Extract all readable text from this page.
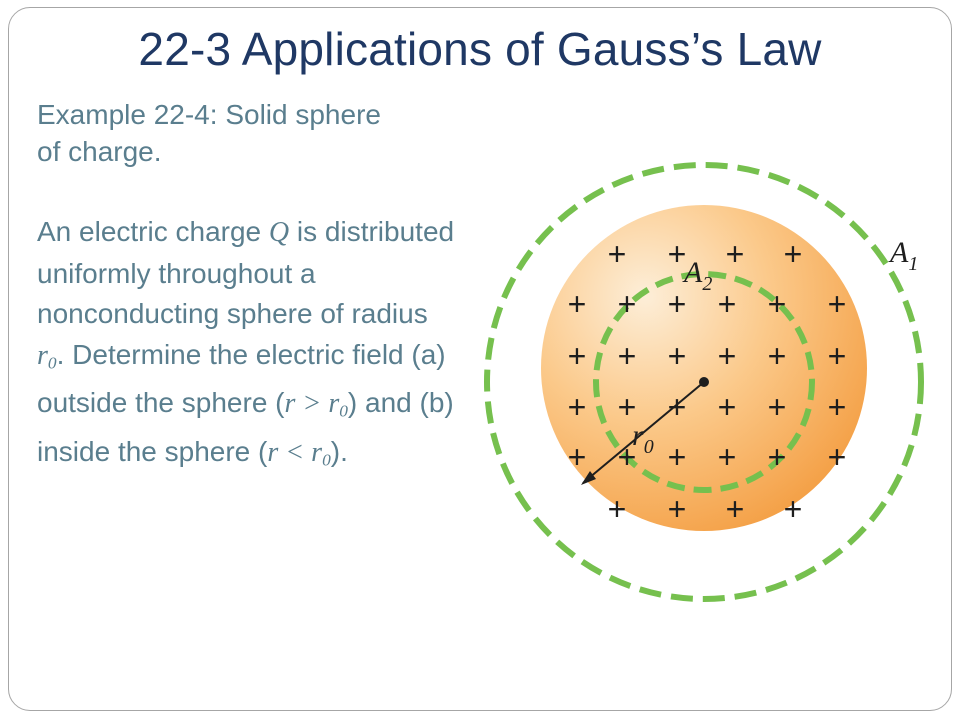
22-3 Applications of Gauss’s Law
Example 22-4: Solid sphere of charge.
An electric charge Q is distributed uniformly throughout a nonconducting sphere of radius $r_0$. Determine the electric field (a) outside the sphere $(r > r_0)$ and (b) inside the sphere $(r < r_0)$.
+ + + +
+ + + + + +
+ + + + + +
+ + + + + +
+ + + + + +
+ + + +
$r_0$
$A_2$
$A_1$
